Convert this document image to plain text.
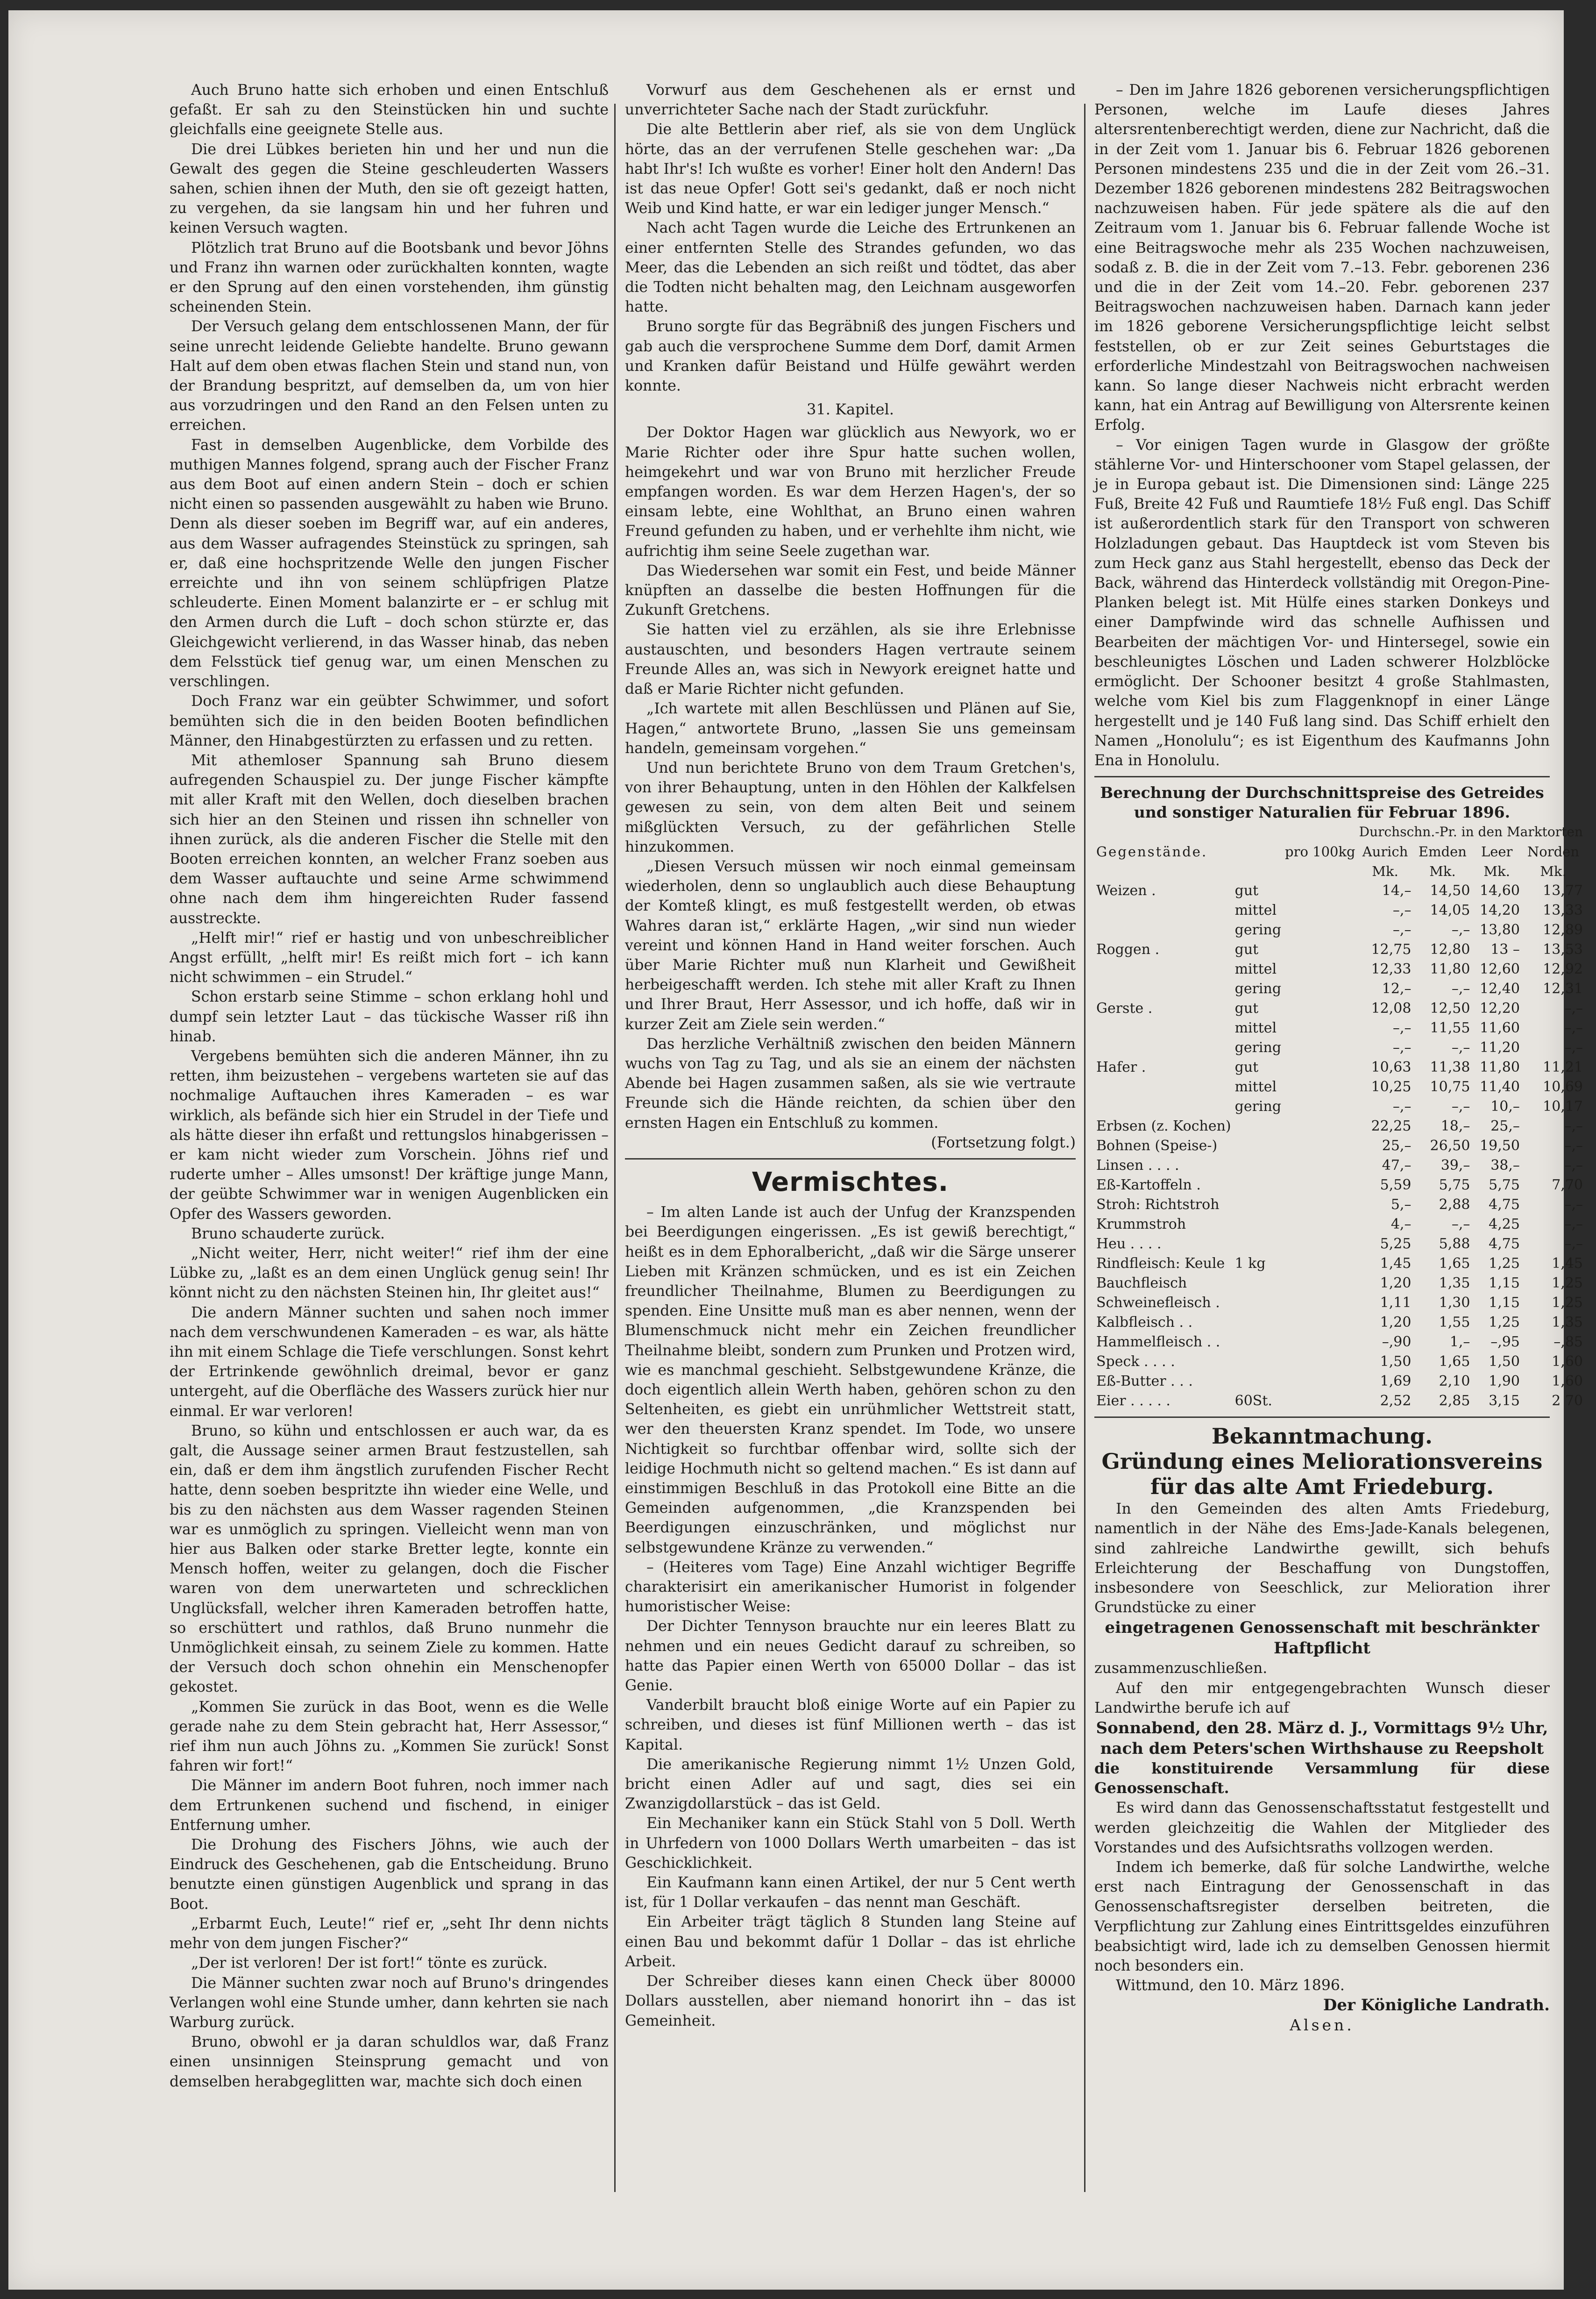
Auch Bruno hatte sich erhoben und einen Entschluß gefaßt. Er sah zu den Steinstücken hin und suchte gleichfalls eine geeignete Stelle aus.

Die drei Lübkes berieten hin und her und nun die Gewalt des gegen die Steine geschleuderten Wassers sahen, schien ihnen der Muth, den sie oft gezeigt hatten, zu vergehen, da sie langsam hin und her fuhren und keinen Versuch wagten.

Plötzlich trat Bruno auf die Bootsbank und bevor Jöhns und Franz ihn warnen oder zurückhalten konnten, wagte er den Sprung auf den einen vorstehenden, ihm günstig scheinenden Stein.

Der Versuch gelang dem entschlossenen Mann, der für seine unrecht leidende Geliebte handelte. Bruno gewann Halt auf dem oben etwas flachen Stein und stand nun, von der Brandung bespritzt, auf demselben da, um von hier aus vorzudringen und den Rand an den Felsen unten zu erreichen.

Fast in demselben Augenblicke, dem Vorbilde des muthigen Mannes folgend, sprang auch der Fischer Franz aus dem Boot auf einen andern Stein – doch er schien nicht einen so passenden ausgewählt zu haben wie Bruno. Denn als dieser soeben im Begriff war, auf ein anderes, aus dem Wasser aufragendes Steinstück zu springen, sah er, daß eine hochspritzende Welle den jungen Fischer erreichte und ihn von seinem schlüpfrigen Platze schleuderte. Einen Moment balanzirte er – er schlug mit den Armen durch die Luft – doch schon stürzte er, das Gleichgewicht verlierend, in das Wasser hinab, das neben dem Felsstück tief genug war, um einen Menschen zu verschlingen.

Doch Franz war ein geübter Schwimmer, und sofort bemühten sich die in den beiden Booten befindlichen Männer, den Hinabgestürzten zu erfassen und zu retten.

Mit athemloser Spannung sah Bruno diesem aufregenden Schauspiel zu. Der junge Fischer kämpfte mit aller Kraft mit den Wellen, doch dieselben brachen sich hier an den Steinen und rissen ihn schneller von ihnen zurück, als die anderen Fischer die Stelle mit den Booten erreichen konnten, an welcher Franz soeben aus dem Wasser auftauchte und seine Arme schwimmend ohne nach dem ihm hingereichten Ruder fassend ausstreckte.

„Helft mir!“ rief er hastig und von unbeschreiblicher Angst erfüllt, „helft mir! Es reißt mich fort – ich kann nicht schwimmen – ein Strudel.“

Schon erstarb seine Stimme – schon erklang hohl und dumpf sein letzter Laut – das tückische Wasser riß ihn hinab.

Vergebens bemühten sich die anderen Männer, ihn zu retten, ihm beizustehen – vergebens warteten sie auf das nochmalige Auftauchen ihres Kameraden – es war wirklich, als befände sich hier ein Strudel in der Tiefe und als hätte dieser ihn erfaßt und rettungslos hinabgerissen – er kam nicht wieder zum Vorschein. Jöhns rief und ruderte umher – Alles umsonst! Der kräftige junge Mann, der geübte Schwimmer war in wenigen Augenblicken ein Opfer des Wassers geworden.

Bruno schauderte zurück.

„Nicht weiter, Herr, nicht weiter!“ rief ihm der eine Lübke zu, „laßt es an dem einen Unglück genug sein! Ihr könnt nicht zu den nächsten Steinen hin, Ihr gleitet aus!“

Die andern Männer suchten und sahen noch immer nach dem verschwundenen Kameraden – es war, als hätte ihn mit einem Schlage die Tiefe verschlungen. Sonst kehrt der Ertrinkende gewöhnlich dreimal, bevor er ganz untergeht, auf die Oberfläche des Wassers zurück hier nur einmal. Er war verloren!

Bruno, so kühn und entschlossen er auch war, da es galt, die Aussage seiner armen Braut festzustellen, sah ein, daß er dem ihm ängstlich zurufenden Fischer Recht hatte, denn soeben bespritzte ihn wieder eine Welle, und bis zu den nächsten aus dem Wasser ragenden Steinen war es unmöglich zu springen. Vielleicht wenn man von hier aus Balken oder starke Bretter legte, konnte ein Mensch hoffen, weiter zu gelangen, doch die Fischer waren von dem unerwarteten und schrecklichen Unglücksfall, welcher ihren Kameraden betroffen hatte, so erschüttert und rathlos, daß Bruno nunmehr die Unmöglichkeit einsah, zu seinem Ziele zu kommen. Hatte der Versuch doch schon ohnehin ein Menschenopfer gekostet.

„Kommen Sie zurück in das Boot, wenn es die Welle gerade nahe zu dem Stein gebracht hat, Herr Assessor,“ rief ihm nun auch Jöhns zu. „Kommen Sie zurück! Sonst fahren wir fort!“

Die Männer im andern Boot fuhren, noch immer nach dem Ertrunkenen suchend und fischend, in einiger Entfernung umher.

Die Drohung des Fischers Jöhns, wie auch der Eindruck des Geschehenen, gab die Entscheidung. Bruno benutzte einen günstigen Augenblick und sprang in das Boot.

„Erbarmt Euch, Leute!“ rief er, „seht Ihr denn nichts mehr von dem jungen Fischer?“

„Der ist verloren! Der ist fort!“ tönte es zurück.

Die Männer suchten zwar noch auf Bruno's dringendes Verlangen wohl eine Stunde umher, dann kehrten sie nach Warburg zurück.

Bruno, obwohl er ja daran schuldlos war, daß Franz einen unsinnigen Steinsprung gemacht und von demselben herabgeglitten war, machte sich doch einen

Vorwurf aus dem Geschehenen als er ernst und unverrichteter Sache nach der Stadt zurückfuhr.

Die alte Bettlerin aber rief, als sie von dem Unglück hörte, das an der verrufenen Stelle geschehen war: „Da habt Ihr's! Ich wußte es vorher! Einer holt den Andern! Das ist das neue Opfer! Gott sei's gedankt, daß er noch nicht Weib und Kind hatte, er war ein lediger junger Mensch.“

Nach acht Tagen wurde die Leiche des Ertrunkenen an einer entfernten Stelle des Strandes gefunden, wo das Meer, das die Lebenden an sich reißt und tödtet, das aber die Todten nicht behalten mag, den Leichnam ausgeworfen hatte.

Bruno sorgte für das Begräbniß des jungen Fischers und gab auch die versprochene Summe dem Dorf, damit Armen und Kranken dafür Beistand und Hülfe gewährt werden konnte.

31. Kapitel.

Der Doktor Hagen war glücklich aus Newyork, wo er Marie Richter oder ihre Spur hatte suchen wollen, heimgekehrt und war von Bruno mit herzlicher Freude empfangen worden. Es war dem Herzen Hagen's, der so einsam lebte, eine Wohlthat, an Bruno einen wahren Freund gefunden zu haben, und er verhehlte ihm nicht, wie aufrichtig ihm seine Seele zugethan war.

Das Wiedersehen war somit ein Fest, und beide Männer knüpften an dasselbe die besten Hoffnungen für die Zukunft Gretchens.

Sie hatten viel zu erzählen, als sie ihre Erlebnisse austauschten, und besonders Hagen vertraute seinem Freunde Alles an, was sich in Newyork ereignet hatte und daß er Marie Richter nicht gefunden.

„Ich wartete mit allen Beschlüssen und Plänen auf Sie, Hagen,“ antwortete Bruno, „lassen Sie uns gemeinsam handeln, gemeinsam vorgehen.“

Und nun berichtete Bruno von dem Traum Gretchen's, von ihrer Behauptung, unten in den Höhlen der Kalkfelsen gewesen zu sein, von dem alten Beit und seinem mißglückten Versuch, zu der gefährlichen Stelle hinzukommen.

„Diesen Versuch müssen wir noch einmal gemeinsam wiederholen, denn so unglaublich auch diese Behauptung der Komteß klingt, es muß festgestellt werden, ob etwas Wahres daran ist,“ erklärte Hagen, „wir sind nun wieder vereint und können Hand in Hand weiter forschen. Auch über Marie Richter muß nun Klarheit und Gewißheit herbeigeschafft werden. Ich stehe mit aller Kraft zu Ihnen und Ihrer Braut, Herr Assessor, und ich hoffe, daß wir in kurzer Zeit am Ziele sein werden.“

Das herzliche Verhältniß zwischen den beiden Männern wuchs von Tag zu Tag, und als sie an einem der nächsten Abende bei Hagen zusammen saßen, als sie wie vertraute Freunde sich die Hände reichten, da schien über den ernsten Hagen ein Entschluß zu kommen.

(Fortsetzung folgt.)
Vermischtes.

– Im alten Lande ist auch der Unfug der Kranzspenden bei Beerdigungen eingerissen. „Es ist gewiß berechtigt,“ heißt es in dem Ephoralbericht, „daß wir die Särge unserer Lieben mit Kränzen schmücken, und es ist ein Zeichen freundlicher Theilnahme, Blumen zu Beerdigungen zu spenden. Eine Unsitte muß man es aber nennen, wenn der Blumenschmuck nicht mehr ein Zeichen freundlicher Theilnahme bleibt, sondern zum Prunken und Protzen wird, wie es manchmal geschieht. Selbstgewundene Kränze, die doch eigentlich allein Werth haben, gehören schon zu den Seltenheiten, es giebt ein unrühmlicher Wettstreit statt, wer den theuersten Kranz spendet. Im Tode, wo unsere Nichtigkeit so furchtbar offenbar wird, sollte sich der leidige Hochmuth nicht so geltend machen.“ Es ist dann auf einstimmigen Beschluß in das Protokoll eine Bitte an die Gemeinden aufgenommen, „die Kranzspenden bei Beerdigungen einzuschränken, und möglichst nur selbstgewundene Kränze zu verwenden.“

– (Heiteres vom Tage) Eine Anzahl wichtiger Begriffe charakterisirt ein amerikanischer Humorist in folgender humoristischer Weise:

Der Dichter Tennyson brauchte nur ein leeres Blatt zu nehmen und ein neues Gedicht darauf zu schreiben, so hatte das Papier einen Werth von 65000 Dollar – das ist Genie.

Vanderbilt braucht bloß einige Worte auf ein Papier zu schreiben, und dieses ist fünf Millionen werth – das ist Kapital.

Die amerikanische Regierung nimmt 1½ Unzen Gold, bricht einen Adler auf und sagt, dies sei ein Zwanzigdollarstück – das ist Geld.

Ein Mechaniker kann ein Stück Stahl von 5 Doll. Werth in Uhrfedern von 1000 Dollars Werth umarbeiten – das ist Geschicklichkeit.

Ein Kaufmann kann einen Artikel, der nur 5 Cent werth ist, für 1 Dollar verkaufen – das nennt man Geschäft.

Ein Arbeiter trägt täglich 8 Stunden lang Steine auf einen Bau und bekommt dafür 1 Dollar – das ist ehrliche Arbeit.

Der Schreiber dieses kann einen Check über 80000 Dollars ausstellen, aber niemand honorirt ihn – das ist Gemeinheit.

– Den im Jahre 1826 geborenen versicherungspflichtigen Personen, welche im Laufe dieses Jahres altersrentenberechtigt werden, diene zur Nachricht, daß die in der Zeit vom 1. Januar bis 6. Februar 1826 geborenen Personen mindestens 235 und die in der Zeit vom 26.–31. Dezember 1826 geborenen mindestens 282 Beitragswochen nachzuweisen haben. Für jede spätere als die auf den Zeitraum vom 1. Januar bis 6. Februar fallende Woche ist eine Beitragswoche mehr als 235 Wochen nachzuweisen, sodaß z. B. die in der Zeit vom 7.–13. Febr. geborenen 236 und die in der Zeit vom 14.–20. Febr. geborenen 237 Beitragswochen nachzuweisen haben. Darnach kann jeder im 1826 geborene Versicherungspflichtige leicht selbst feststellen, ob er zur Zeit seines Geburtstages die erforderliche Mindestzahl von Beitragswochen nachweisen kann. So lange dieser Nachweis nicht erbracht werden kann, hat ein Antrag auf Bewilligung von Altersrente keinen Erfolg.

– Vor einigen Tagen wurde in Glasgow der größte stählerne Vor- und Hinterschooner vom Stapel gelassen, der je in Europa gebaut ist. Die Dimensionen sind: Länge 225 Fuß, Breite 42 Fuß und Raumtiefe 18½ Fuß engl. Das Schiff ist außerordentlich stark für den Transport von schweren Holzladungen gebaut. Das Hauptdeck ist vom Steven bis zum Heck ganz aus Stahl hergestellt, ebenso das Deck der Back, während das Hinterdeck vollständig mit Oregon-Pine-Planken belegt ist. Mit Hülfe eines starken Donkeys und einer Dampfwinde wird das schnelle Aufhissen und Bearbeiten der mächtigen Vor- und Hintersegel, sowie ein beschleunigtes Löschen und Laden schwerer Holzblöcke ermöglicht. Der Schooner besitzt 4 große Stahlmasten, welche vom Kiel bis zum Flaggenknopf in einer Länge hergestellt und je 140 Fuß lang sind. Das Schiff erhielt den Namen „Honolulu“; es ist Eigenthum des Kaufmanns John Ena in Honolulu.

Berechnung der Durchschnittspreise des Getreides und sonstiger Naturalien für Februar 1896.
			Durchschn.-Pr. in den Marktorten			
Gegenstände.		pro 100kg	Aurich	Emden	Leer	Norden
			Mk.	Mk.	Mk.	Mk.
Weizen .	gut		14,–	14,50	14,60	13,77
	mittel		–,–	14,05	14,20	13,33
	gering		–,–	–,–	13,80	12,89
Roggen .	gut		12,75	12,80	13 –	13,53
	mittel		12,33	11,80	12,60	12,92
	gering		12,–	–,–	12,40	12,31
Gerste .	gut		12,08	12,50	12,20	–,–
	mittel		–,–	11,55	11,60	–,–
	gering		–,–	–,–	11,20	–,–
Hafer .	gut		10,63	11,38	11,80	11,21
	mittel		10,25	10,75	11,40	10,69
	gering		–,–	–,–	10,–	10,17
Erbsen (z. Kochen)			22,25	18,–	25,–	–,–
Bohnen (Speise-)			25,–	26,50	19,50	–,–
Linsen . . . .			47,–	39,–	38,–	–,–
Eß-Kartoffeln .			5,59	5,75	5,75	7,70
Stroh: Richtstroh			5,–	2,88	4,75	–,–
Krummstroh			4,–	–,–	4,25	–,–
Heu . . . .			5,25	5,88	4,75	–,–
Rindfleisch: Keule	1 kg		1,45	1,65	1,25	1,45
Bauchfleisch			1,20	1,35	1,15	1,25
Schweinefleisch .			1,11	1,30	1,15	1,25
Kalbfleisch . .			1,20	1,55	1,25	1,35
Hammelfleisch . .			–,90	1,–	–,95	–,85
Speck . . . .			1,50	1,65	1,50	1,60
Eß-Butter . . .			1,69	2,10	1,90	1,60
Eier . . . . .	60St.		2,52	2,85	3,15	2 70
Bekanntmachung.
Gründung eines Meliorationsvereins
für das alte Amt Friedeburg.

In den Gemeinden des alten Amts Friedeburg, namentlich in der Nähe des Ems-Jade-Kanals belegenen, sind zahlreiche Landwirthe gewillt, sich behufs Erleichterung der Beschaffung von Dungstoffen, insbesondere von Seeschlick, zur Melioration ihrer Grundstücke zu einer

eingetragenen Genossenschaft mit beschränkter Haftpflicht

zusammenzuschließen.

Auf den mir entgegengebrachten Wunsch dieser Landwirthe berufe ich auf

Sonnabend, den 28. März d. J., Vormittags 9½ Uhr, nach dem Peters'schen Wirthshause zu Reepsholt

die konstituirende Versammlung für diese Genossenschaft.

Es wird dann das Genossenschaftsstatut festgestellt und werden gleichzeitig die Wahlen der Mitglieder des Vorstandes und des Aufsichtsraths vollzogen werden.

Indem ich bemerke, daß für solche Landwirthe, welche erst nach Eintragung der Genossenschaft in das Genossenschaftsregister derselben beitreten, die Verpflichtung zur Zahlung eines Eintrittsgeldes einzuführen beabsichtigt wird, lade ich zu demselben Genossen hiermit noch besonders ein.

Wittmund, den 10. März 1896.

Der Königliche Landrath.
Alsen.
